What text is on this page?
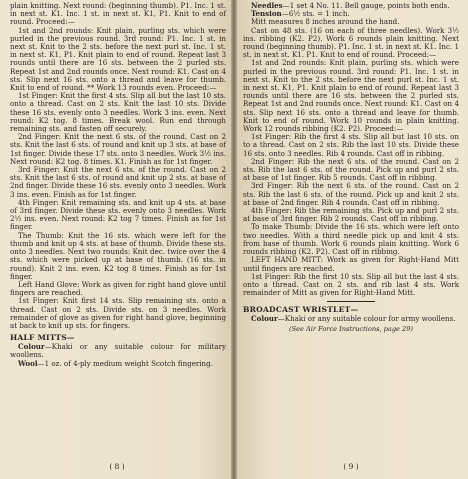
plain knitting. Next round: (beginning thumb). P1. Inc. 1 st. in next st. K1. Inc. 1 st. in next st. K1, P1. Knit to end of round. Proceed:—

1st and 2nd rounds: Knit plain, purling sts. which were purled in the previous round. 3rd round: P1. Inc. 1 st. in next st. Knit to the 2 sts. before the next purl st. Inc. 1 st. in next st. K1, P1. Knit plain to end of round. Repeat last 3 rounds until there are 16 sts. between the 2 purled sts. Repeat 1st and 2nd rounds once. Next round: K1. Cast on 4 sts. Slip next 16 sts. onto a thread and leave for thumb. Knit to end of round. ** Work 13 rounds even. Proceed:—

1st Finger: Knit the first 4 sts. Slip all but the last 10 sts. onto a thread. Cast on 2 sts. Knit the last 10 sts. Divide these 16 sts. evenly onto 3 needles. Work 3 ins. even. Next round: K2 tog. 8 times. Break wool. Run end through remaining sts. and fasten off securely.

2nd Finger: Knit the next 6 sts. of the round. Cast on 2 sts. Knit the last 6 sts. of round and knit up 3 sts. at base of 1st finger. Divide these 17 sts. onto 3 needles. Work 3½ ins. Next round: K2 tog. 8 times. K1. Finish as for 1st finger.

3rd Finger: Knit the next 6 sts. of the round. Cast on 2 sts. Knit the last 6 sts. of round and knit up 2 sts. at base of 2nd finger. Divide these 16 sts. evenly onto 3 needles. Work 3 ins. even. Finish as for 1st finger.

4th Finger: Knit remaining sts. and knit up 4 sts. at base of 3rd finger. Divide these sts. evenly onto 3 needles. Work 2½ ins. even. Next round: K2 tog 7 times. Finish as for 1st finger.

The Thumb: Knit the 16 sts. which were left for the thumb and knit up 4 sts. at base of thumb. Divide these sts. onto 3 needles. Next two rounds: Knit dec. twice over the 4 sts. which were picked up at base of thumb. (16 sts. in round). Knit 2 ins. even. K2 tog 8 times. Finish as for 1st finger.

Left Hand Glove: Work as given for right hand glove until fingers are reached.

1st Finger: Knit first 14 sts. Slip remaining sts. onto a thread. Cast on 2 sts. Divide sts. on 3 needles. Work remainder of glove as given for right hand glove, beginning at back to knit up sts. for fingers.

HALF MITTS—

Colour—Khaki or any suitable colour for military woollens.

Wool—1 oz. of 4-ply medium weight Scotch fingering.

( 8 )

Needles—1 set 4 No. 11. Bell gauge, points both ends.

Tension—6½ sts. = 1 inch.

Mitt measures 8 inches around the hand.

Cast on 48 sts. (16 on each of three needles). Work 3½ ins. ribbing (K2. P2). Work 6 rounds plain knitting. Next round (beginning thumb). P1. Inc. 1 st. in next st. K1. Inc. 1 st. in next st. K1. P1. Knit to end of round. Proceed:—

1st and 2nd rounds: Knit plain, purling sts. which were purled in the previous round. 3rd round: P1. Inc. 1 st. in next st. Knit to the 2 sts. before the next purl st. Inc. 1 st. in next st. K1, P1. Knit plain to end of round. Repeat last 3 rounds until there are 16 sts. between the 2 purled sts. Repeat 1st and 2nd rounds once. Next round: K1. Cast on 4 sts. Slip next 16 sts. onto a thread and leave for thumb. Knit to end of round. Work 10 rounds in plain knitting. Work 12 rounds ribbing (K2. P2). Proceed:—

1st Finger: Rib the first 4 sts. Slip all but last 10 sts. on to a thread. Cast on 2 sts. Rib the last 10 sts. Divide these 16 sts. onto 3 needles. Rib 4 rounds. Cast off in ribbing.

2nd Finger: Rib the next 6 sts. of the round. Cast on 2 sts. Rib the last 6 sts. of the round. Pick up and purl 2 sts. at base of 1st finger. Rib 5 rounds. Cast off in ribbing.

3rd Finger: Rib the next 6 sts. of the round. Cast on 2 sts. Rib the last 6 sts. of the round. Pick up and knit 2 sts. at base of 2nd finger. Rib 4 rounds. Cast off in ribbing.

4th Finger: Rib the remaining sts. Pick up and purl 2 sts. at base of 3rd finger. Rib 2 rounds. Cast off in ribbing.

To make Thumb: Divide the 16 sts. which were left onto two needles. With a third needle pick up and knit 4 sts. from base of thumb. Work 6 rounds plain knitting. Work 6 rounds ribbing (K2. P2). Cast off in ribbing.

LEFT HAND MITT: Work as given for Right-Hand Mitt until fingers are reached.

1st Finger: Rib the first 10 sts. Slip all but the last 4 sts. onto a thread. Cast on 2 sts. and rib last 4 sts. Work remainder of Mitt as given for Right-Hand Mitt.

BROADCAST WRISTLET—

Colour—Khaki or any suitable colour for army woollens.

(See Air Force Instructions, page 29)

( 9 )
